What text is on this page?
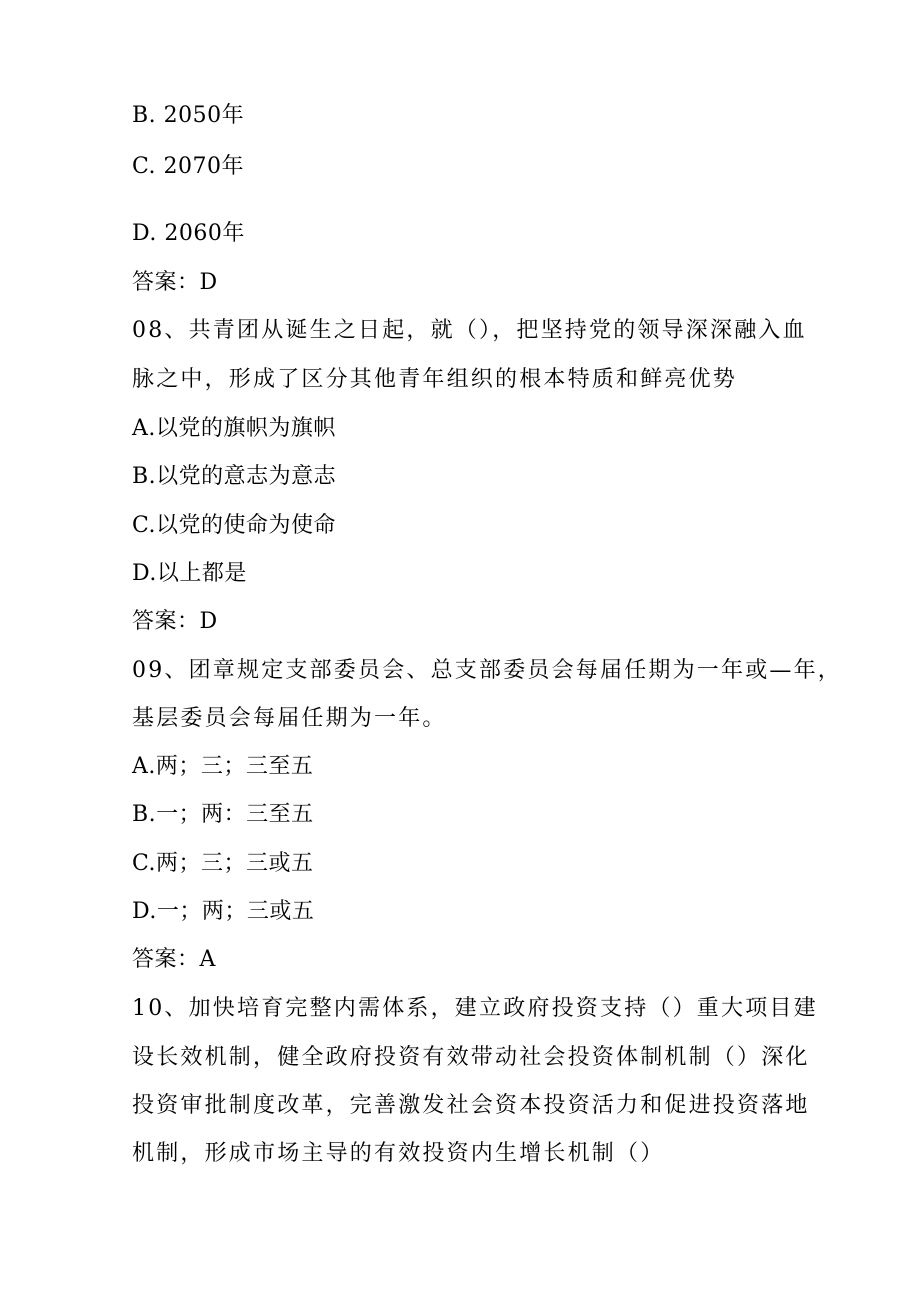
B. 2050年
C. 2070年
D. 2060年
答案：D
08、共青团从诞生之日起，就（），把坚持党的领导深深融入血
脉之中，形成了区分其他青年组织的根本特质和鲜亮优势
A.以党的旗帜为旗帜
B.以党的意志为意志
C.以党的使命为使命
D.以上都是
答案：D
09、团章规定支部委员会、总支部委员会每届任期为一年或—年，
基层委员会每届任期为一年。
A.两；三；三至五
B.一；两：三至五
C.两；三；三或五
D.一；两；三或五
答案：A
10、加快培育完整内需体系，建立政府投资支持（）重大项目建
设长效机制，健全政府投资有效带动社会投资体制机制（）深化
投资审批制度改革，完善激发社会资本投资活力和促进投资落地
机制，形成市场主导的有效投资内生增长机制（）
